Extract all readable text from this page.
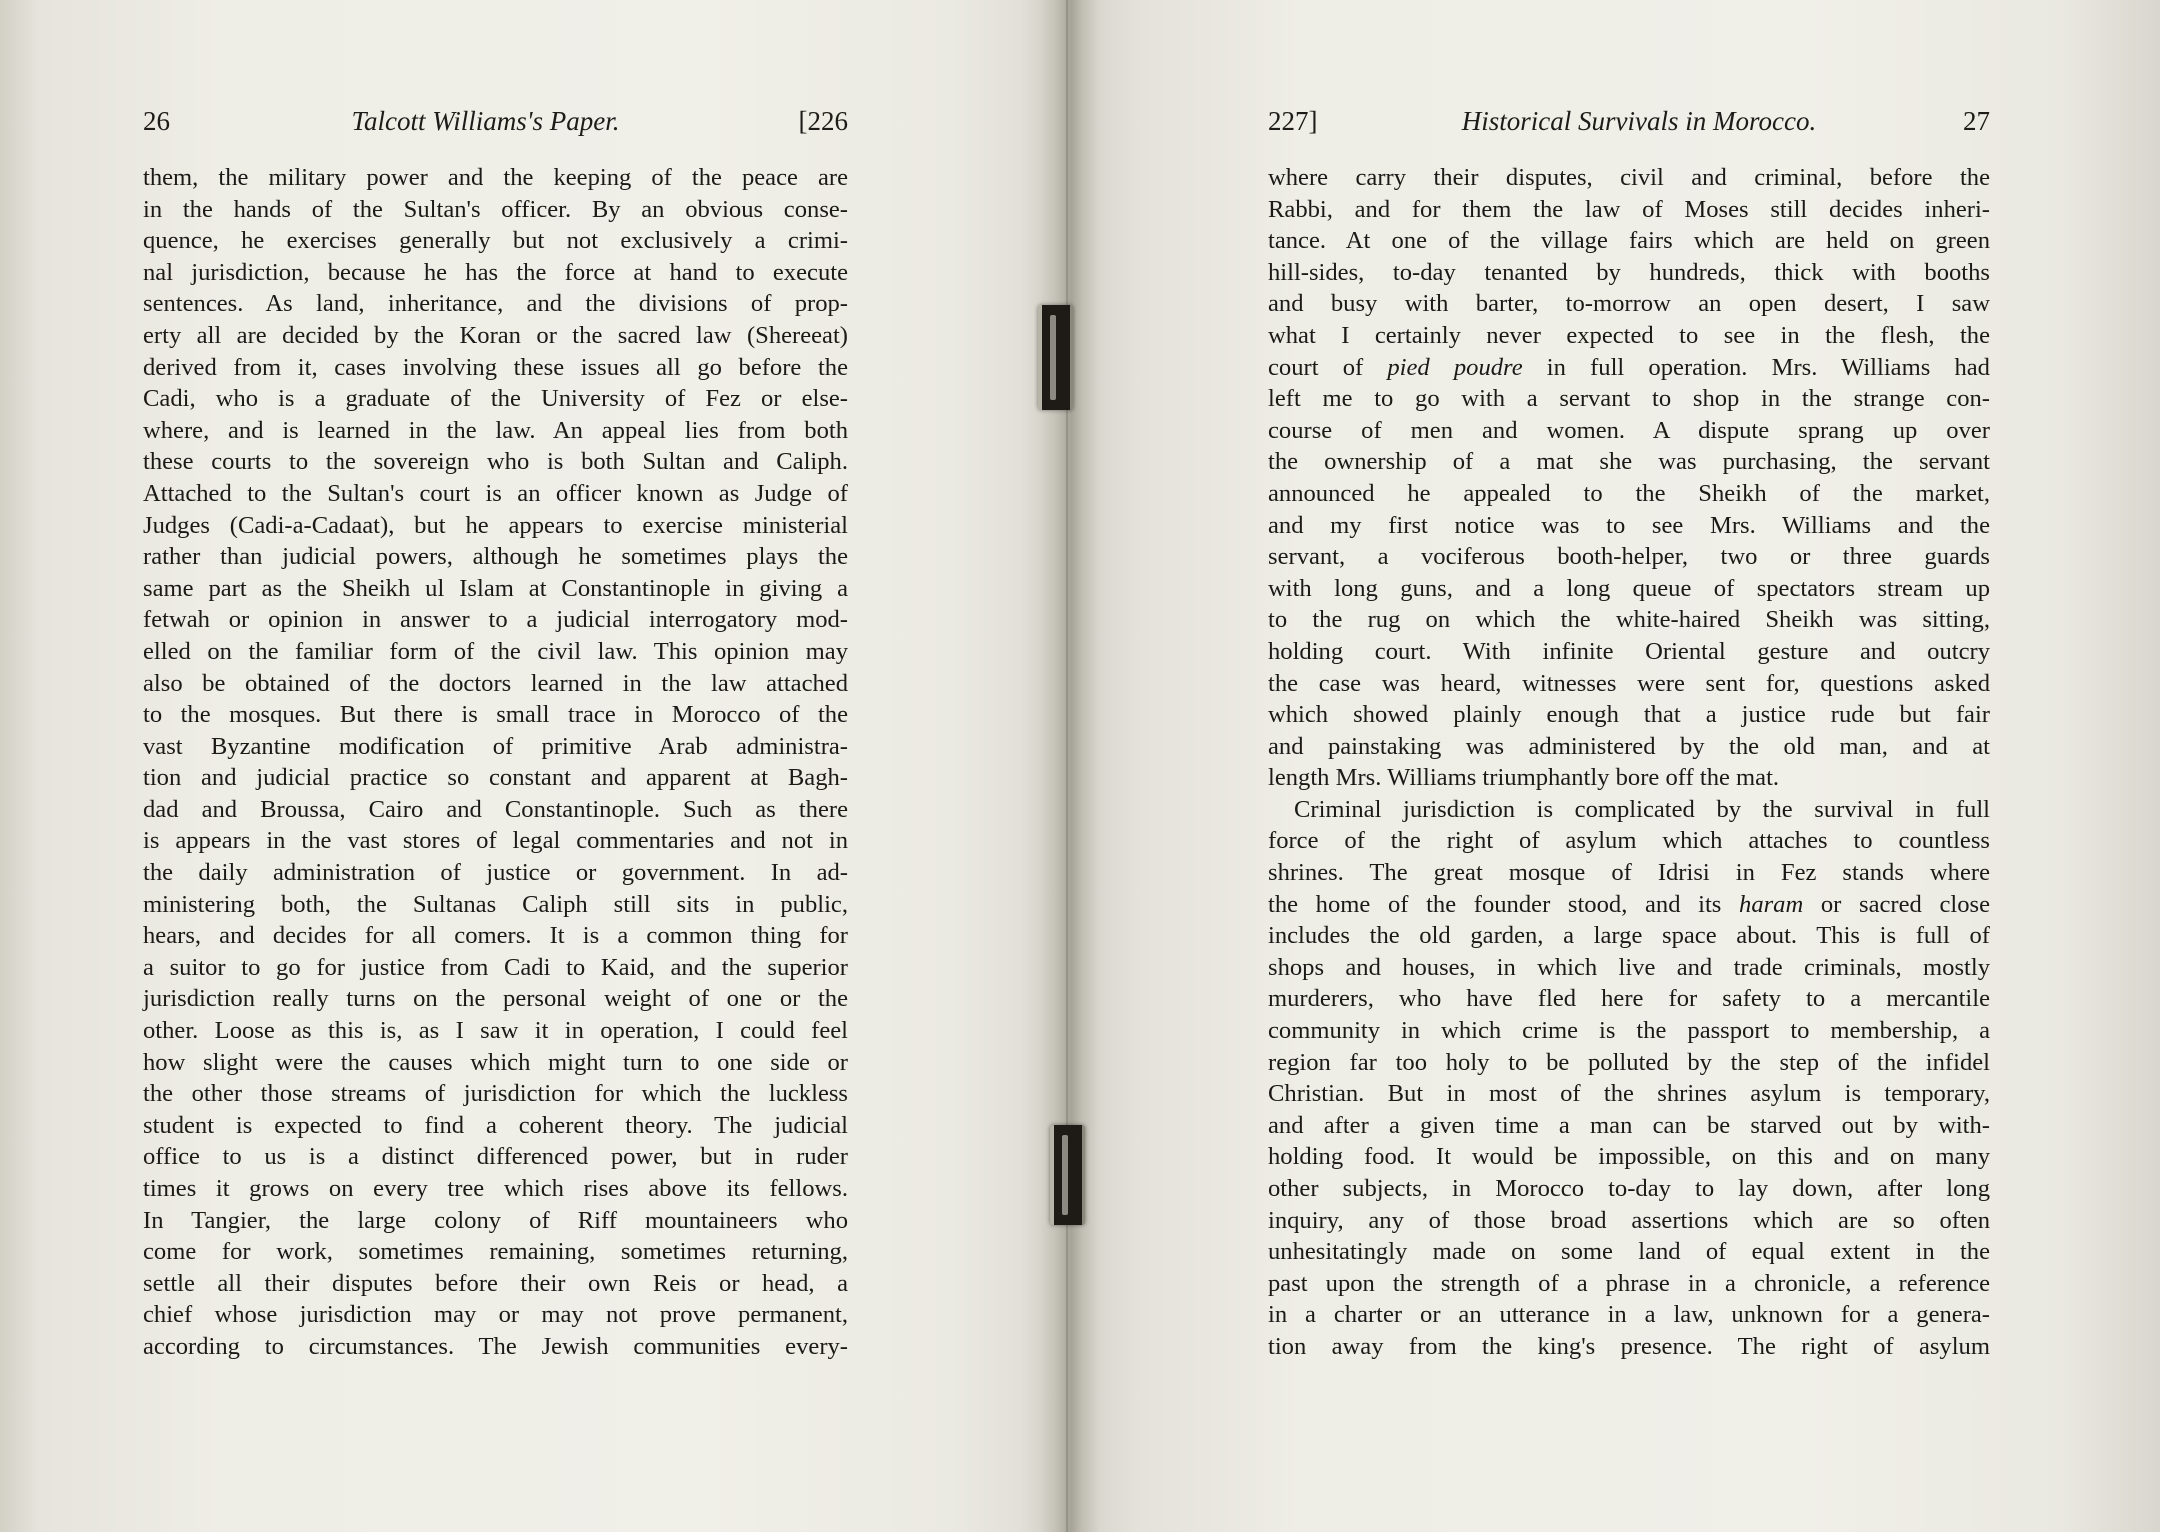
26	Talcott Williams's Paper.	[226
them, the military power and the keeping of the peace are
in the hands of the Sultan's officer. By an obvious conse-
quence, he exercises generally but not exclusively a crimi-
nal jurisdiction, because he has the force at hand to execute
sentences. As land, inheritance, and the divisions of prop-
erty all are decided by the Koran or the sacred law (Shereeat)
derived from it, cases involving these issues all go before the
Cadi, who is a graduate of the University of Fez or else-
where, and is learned in the law. An appeal lies from both
these courts to the sovereign who is both Sultan and Caliph.
Attached to the Sultan's court is an officer known as Judge of
Judges (Cadi-a-Cadaat), but he appears to exercise ministerial
rather than judicial powers, although he sometimes plays the
same part as the Sheikh ul Islam at Constantinople in giving a
fetwah or opinion in answer to a judicial interrogatory mod-
elled on the familiar form of the civil law. This opinion may
also be obtained of the doctors learned in the law attached
to the mosques. But there is small trace in Morocco of the
vast Byzantine modification of primitive Arab administra-
tion and judicial practice so constant and apparent at Bagh-
dad and Broussa, Cairo and Constantinople. Such as there
is appears in the vast stores of legal commentaries and not in
the daily administration of justice or government. In ad-
ministering both, the Sultanas Caliph still sits in public,
hears, and decides for all comers. It is a common thing for
a suitor to go for justice from Cadi to Kaid, and the superior
jurisdiction really turns on the personal weight of one or the
other. Loose as this is, as I saw it in operation, I could feel
how slight were the causes which might turn to one side or
the other those streams of jurisdiction for which the luckless
student is expected to find a coherent theory. The judicial
office to us is a distinct differenced power, but in ruder
times it grows on every tree which rises above its fellows.
In Tangier, the large colony of Riff mountaineers who
come for work, sometimes remaining, sometimes returning,
settle all their disputes before their own Reis or head, a
chief whose jurisdiction may or may not prove permanent,
according to circumstances. The Jewish communities every-
227]	Historical Survivals in Morocco.	27
where carry their disputes, civil and criminal, before the
Rabbi, and for them the law of Moses still decides inheri-
tance. At one of the village fairs which are held on green
hill-sides, to-day tenanted by hundreds, thick with booths
and busy with barter, to-morrow an open desert, I saw
what I certainly never expected to see in the flesh, the
court of pied poudre in full operation. Mrs. Williams had
left me to go with a servant to shop in the strange con-
course of men and women. A dispute sprang up over
the ownership of a mat she was purchasing, the servant
announced he appealed to the Sheikh of the market,
and my first notice was to see Mrs. Williams and the
servant, a vociferous booth-helper, two or three guards
with long guns, and a long queue of spectators stream up
to the rug on which the white-haired Sheikh was sitting,
holding court. With infinite Oriental gesture and outcry
the case was heard, witnesses were sent for, questions asked
which showed plainly enough that a justice rude but fair
and painstaking was administered by the old man, and at
length Mrs. Williams triumphantly bore off the mat.
Criminal jurisdiction is complicated by the survival in full
force of the right of asylum which attaches to countless
shrines. The great mosque of Idrisi in Fez stands where
the home of the founder stood, and its haram or sacred close
includes the old garden, a large space about. This is full of
shops and houses, in which live and trade criminals, mostly
murderers, who have fled here for safety to a mercantile
community in which crime is the passport to membership, a
region far too holy to be polluted by the step of the infidel
Christian. But in most of the shrines asylum is temporary,
and after a given time a man can be starved out by with-
holding food. It would be impossible, on this and on many
other subjects, in Morocco to-day to lay down, after long
inquiry, any of those broad assertions which are so often
unhesitatingly made on some land of equal extent in the
past upon the strength of a phrase in a chronicle, a reference
in a charter or an utterance in a law, unknown for a genera-
tion away from the king's presence. The right of asylum
